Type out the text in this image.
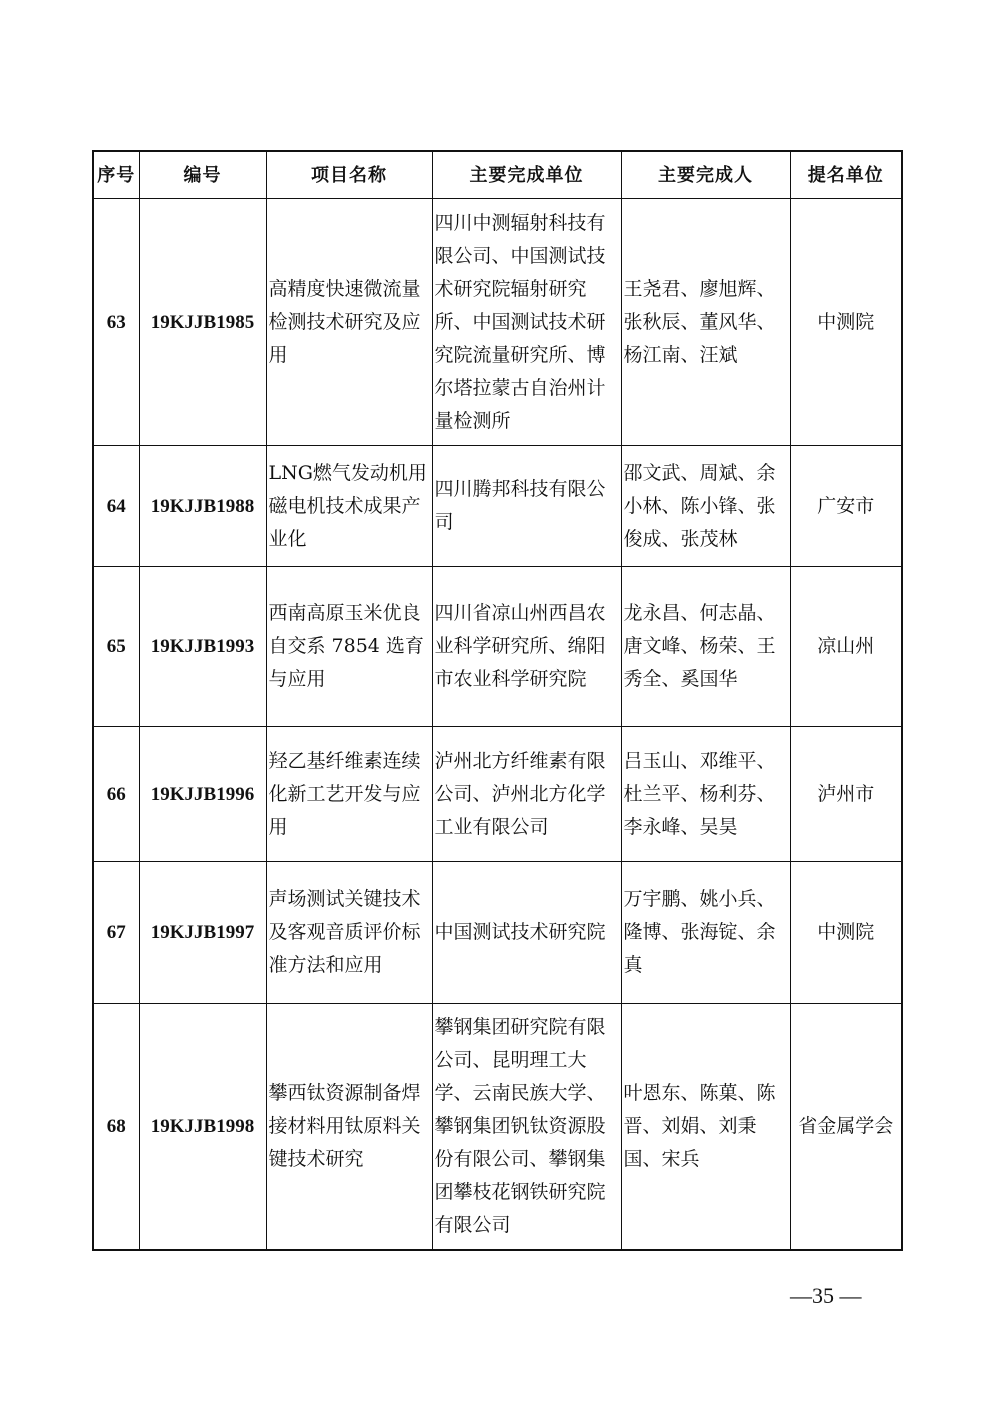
序号	编号	项目名称	主要完成单位	主要完成人	提名单位
63	19KJJB1985	高精度快速微流量检测技术研究及应用	四川中测辐射科技有限公司、中国测试技术研究院辐射研究所、中国测试技术研究院流量研究所、博尔塔拉蒙古自治州计量检测所	王尧君、廖旭辉、张秋辰、董风华、杨江南、汪斌	中测院
64	19KJJB1988	LNG燃气发动机用磁电机技术成果产业化	四川腾邦科技有限公司	邵文武、周斌、余小林、陈小锋、张俊成、张茂林	广安市
65	19KJJB1993	西南高原玉米优良自交系 7854 选育与应用	四川省凉山州西昌农业科学研究所、绵阳市农业科学研究院	龙永昌、何志晶、唐文峰、杨荣、王秀全、奚国华	凉山州
66	19KJJB1996	羟乙基纤维素连续化新工艺开发与应用	泸州北方纤维素有限公司、泸州北方化学工业有限公司	吕玉山、邓维平、杜兰平、杨利芬、李永峰、吴昊	泸州市
67	19KJJB1997	声场测试关键技术及客观音质评价标准方法和应用	中国测试技术研究院	万宇鹏、姚小兵、隆博、张海锭、余真	中测院
68	19KJJB1998	攀西钛资源制备焊接材料用钛原料关键技术研究	攀钢集团研究院有限公司、昆明理工大学、云南民族大学、攀钢集团钒钛资源股份有限公司、攀钢集团攀枝花钢铁研究院有限公司	叶恩东、陈菓、陈晋、刘娟、刘秉国、宋兵	省金属学会
—35 —
